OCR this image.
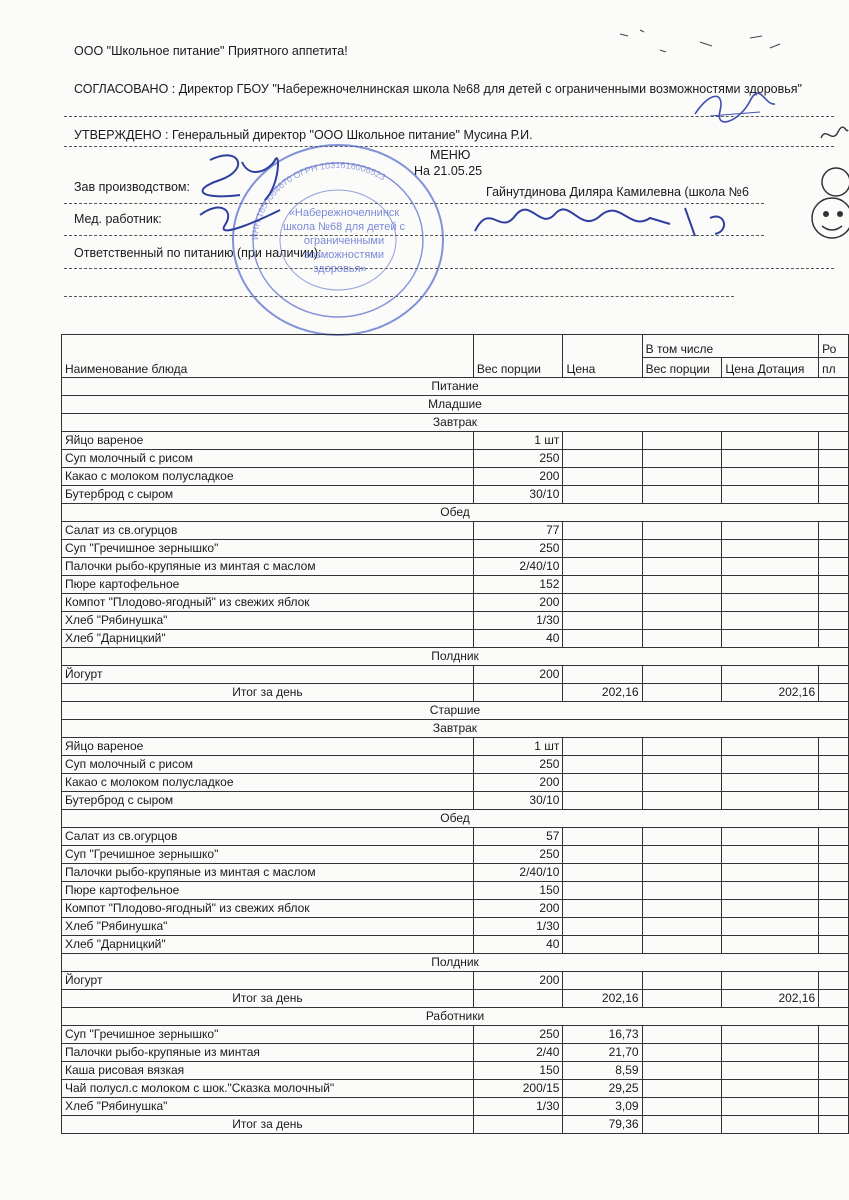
ООО "Школьное питание" Приятного аппетита!
СОГЛАСОВАНО : Директор ГБОУ "Набережночелнинская школа №68 для детей с ограниченными возможностями здоровья"
УТВЕРЖДЕНО : Генеральный директор "ООО Школьное питание" Мусина Р.И.
МЕНЮ
На 21.05.25
Зав производством:	Гайнутдинова Диляра Камилевна (школа №6
Мед. работник:
Ответственный по питанию (при наличии):
«Набережночелнинск
школа №68 для детей с
ограниченными
возможностями
здоровья»
ИНН 1650064670 ОГРН 1031616006523
Наименование блюда	Вес порции	Цена	В том числе		Ро
			Вес порции	Цена Дотация	пл
Питание					
Младшие					
Завтрак					
Яйцо вареное	1 шт				
Суп молочный с рисом	250				
Какао с молоком полусладкое	200				
Бутерброд с сыром	30/10				
Обед					
Салат из св.огурцов	77				
Суп "Гречишное зернышко"	250				
Палочки рыбо-крупяные из минтая с маслом	2/40/10				
Пюре картофельное	152				
Компот "Плодово-ягодный" из свежих яблок	200				
Хлеб "Рябинушка"	1/30				
Хлеб "Дарницкий"	40				
Полдник					
Йогурт	200				
Итог за день		202,16		202,16	
Старшие					
Завтрак					
Яйцо вареное	1 шт				
Суп молочный с рисом	250				
Какао с молоком полусладкое	200				
Бутерброд с сыром	30/10				
Обед					
Салат из св.огурцов	57				
Суп "Гречишное зернышко"	250				
Палочки рыбо-крупяные из минтая с маслом	2/40/10				
Пюре картофельное	150				
Компот "Плодово-ягодный" из свежих яблок	200				
Хлеб "Рябинушка"	1/30				
Хлеб "Дарницкий"	40				
Полдник					
Йогурт	200				
Итог за день		202,16		202,16	
Работники					
Суп "Гречишное зернышко"	250	16,73			
Палочки рыбо-крупяные из минтая	2/40	21,70			
Каша рисовая вязкая	150	8,59			
Чай полусл.с молоком с шок."Сказка молочный"	200/15	29,25			
Хлеб "Рябинушка"	1/30	3,09			
Итог за день		79,36			
